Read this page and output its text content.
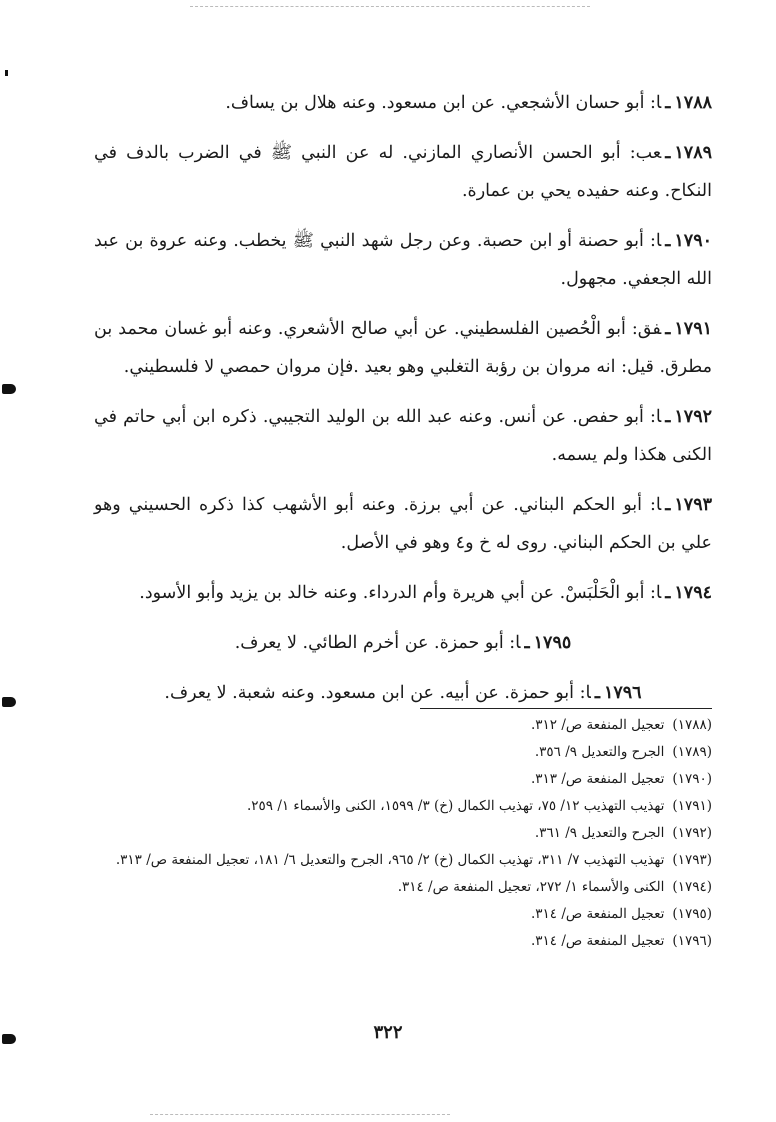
١٧٨٨ـا: أبو حسان الأشجعي. عن ابن مسعود. وعنه هلال بن يساف.

١٧٨٩ـعب: أبو الحسن الأنصاري المازني. له عن النبي ﷺ في الضرب بالدف في النكاح. وعنه حفيده يحي بن عمارة.

١٧٩٠ـا: أبو حصنة أو ابن حصبة. وعن رجل شهد النبي ﷺ يخطب. وعنه عروة بن عبد الله الجعفي. مجهول.

١٧٩١ـفق: أبو الْحُصين الفلسطيني. عن أبي صالح الأشعري. وعنه أبو غسان محمد بن مطرق. قيل: انه مروان بن رؤبة التغلبي وهو بعيد .فإن مروان حمصي لا فلسطيني.

١٧٩٢ـا: أبو حفص. عن أنس. وعنه عبد الله بن الوليد التجيبي. ذكره ابن أبي حاتم في الكنى هكذا ولم يسمه.

١٧٩٣ـا: أبو الحكم البناني. عن أبي برزة. وعنه أبو الأشهب كذا ذكره الحسيني وهو علي بن الحكم البناني. روى له خ و٤ وهو في الأصل.

١٧٩٤ـا: أبو الْحَلْبَسْ. عن أبي هريرة وأم الدرداء. وعنه خالد بن يزيد وأبو الأسود.

١٧٩٥ـا: أبو حمزة. عن أخرم الطائي. لا يعرف.

١٧٩٦ـا: أبو حمزة. عن أبيه. عن ابن مسعود. وعنه شعبة. لا يعرف.

(١٧٨٨)تعجيل المنفعة ص/ ٣١٢.
(١٧٨٩)الجرح والتعديل ٩/ ٣٥٦.
(١٧٩٠)تعجيل المنفعة ص/ ٣١٣.
(١٧٩١)تهذيب التهذيب ١٢/ ٧٥، تهذيب الكمال (خ) ٣/ ١٥٩٩، الكنى والأسماء ١/ ٢٥٩.
(١٧٩٢)الجرح والتعديل ٩/ ٣٦١.
(١٧٩٣)تهذيب التهذيب ٧/ ٣١١، تهذيب الكمال (خ) ٢/ ٩٦٥، الجرح والتعديل ٦/ ١٨١، تعجيل المنفعة ص/ ٣١٣.
(١٧٩٤)الكنى والأسماء ١/ ٢٧٢، تعجيل المنفعة ص/ ٣١٤.
(١٧٩٥)تعجيل المنفعة ص/ ٣١٤.
(١٧٩٦)تعجيل المنفعة ص/ ٣١٤.
٣٢٢
